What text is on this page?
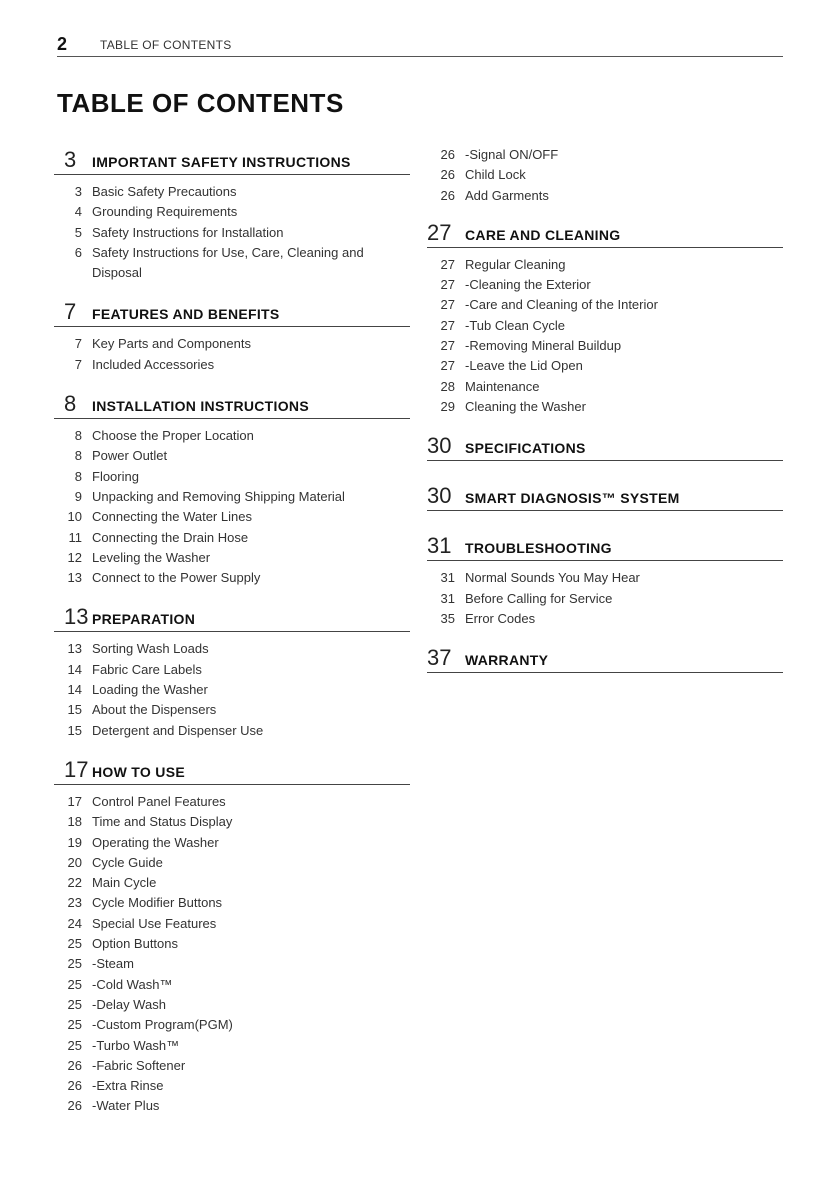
2	TABLE OF CONTENTS
TABLE OF CONTENTS
3	IMPORTANT SAFETY INSTRUCTIONS
3 Basic Safety Precautions
4 Grounding Requirements
5 Safety Instructions for Installation
6 Safety Instructions for Use, Care, Cleaning and Disposal
7	FEATURES AND BENEFITS
7 Key Parts and Components
7 Included Accessories
8	INSTALLATION INSTRUCTIONS
8 Choose the Proper Location
8 Power Outlet
8 Flooring
9 Unpacking and Removing Shipping Material
10 Connecting the Water Lines
11 Connecting the Drain Hose
12 Leveling the Washer
13 Connect to the Power Supply
13 PREPARATION
13 Sorting Wash Loads
14 Fabric Care Labels
14 Loading the Washer
15 About the Dispensers
15 Detergent and Dispenser Use
17 HOW TO USE
17 Control Panel Features
18 Time and Status Display
19 Operating the Washer
20 Cycle Guide
22 Main Cycle
23 Cycle Modifier Buttons
24 Special Use Features
25 Option Buttons
25 -Steam
25 -Cold Wash™
25 -Delay Wash
25 -Custom Program(PGM)
25 -Turbo Wash™
26 -Fabric Softener
26 -Extra Rinse
26 -Water Plus
26 -Signal ON/OFF
26 Child Lock
26 Add Garments
27 CARE AND CLEANING
27 Regular Cleaning
27 -Cleaning the Exterior
27 -Care and Cleaning of the Interior
27 -Tub Clean Cycle
27 -Removing Mineral Buildup
27 -Leave the Lid Open
28 Maintenance
29 Cleaning the Washer
30 SPECIFICATIONS
30 SMART DIAGNOSIS™ SYSTEM
31 TROUBLESHOOTING
31 Normal Sounds You May Hear
31 Before Calling for Service
35 Error Codes
37 WARRANTY
